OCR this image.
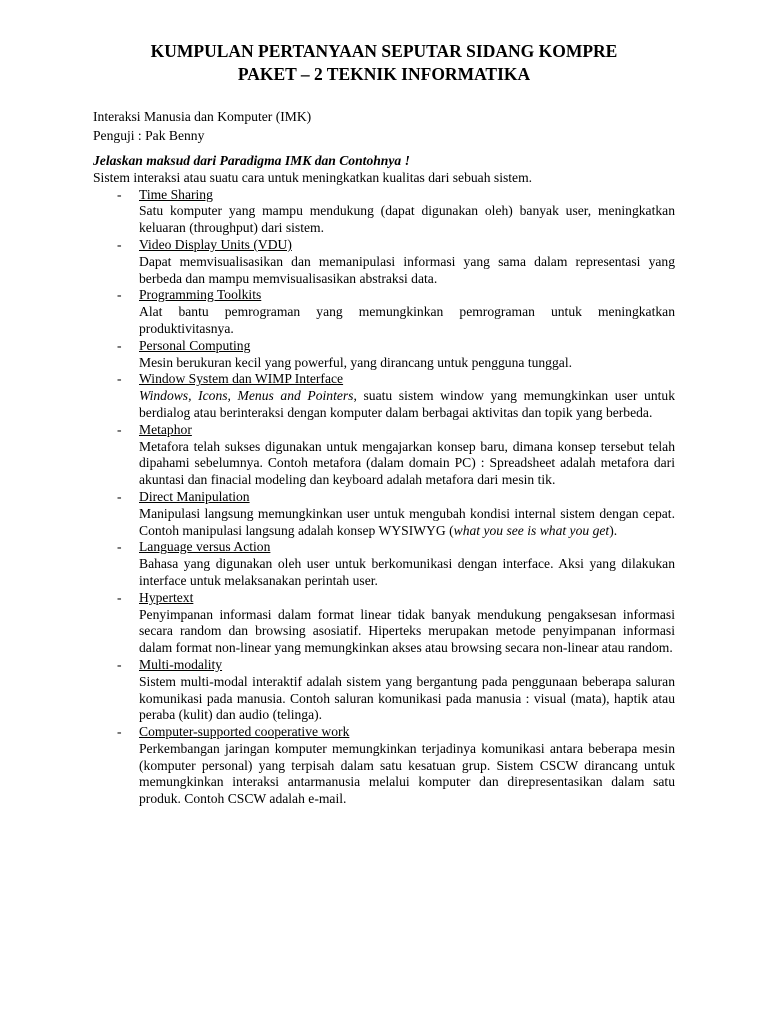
KUMPULAN PERTANYAAN SEPUTAR SIDANG KOMPRE
PAKET – 2 TEKNIK INFORMATIKA
Interaksi Manusia dan Komputer (IMK)
Penguji : Pak Benny
Jelaskan maksud dari Paradigma IMK dan Contohnya !
Sistem interaksi atau suatu cara untuk meningkatkan kualitas dari sebuah sistem.
- Time Sharing
Satu komputer yang mampu mendukung (dapat digunakan oleh) banyak user, meningkatkan keluaran (throughput) dari sistem.
- Video Display Units (VDU)
Dapat memvisualisasikan dan memanipulasi informasi yang sama dalam representasi yang berbeda dan mampu memvisualisasikan abstraksi data.
- Programming Toolkits
Alat bantu pemrograman yang memungkinkan pemrograman untuk meningkatkan produktivitasnya.
- Personal Computing
Mesin berukuran kecil yang powerful, yang dirancang untuk pengguna tunggal.
- Window System dan WIMP Interface
Windows, Icons, Menus and Pointers, suatu sistem window yang memungkinkan user untuk berdialog atau berinteraksi dengan komputer dalam berbagai aktivitas dan topik yang berbeda.
- Metaphor
Metafora telah sukses digunakan untuk mengajarkan konsep baru, dimana konsep tersebut telah dipahami sebelumnya. Contoh metafora (dalam domain PC) : Spreadsheet adalah metafora dari akuntasi dan finacial modeling dan keyboard adalah metafora dari mesin tik.
- Direct Manipulation
Manipulasi langsung memungkinkan user untuk mengubah kondisi internal sistem dengan cepat. Contoh manipulasi langsung adalah konsep WYSIWYG (what you see is what you get).
- Language versus Action
Bahasa yang digunakan oleh user untuk berkomunikasi dengan interface. Aksi yang dilakukan interface untuk melaksanakan perintah user.
- Hypertext
Penyimpanan informasi dalam format linear tidak banyak mendukung pengaksesan informasi secara random dan browsing asosiatif. Hiperteks merupakan metode penyimpanan informasi dalam format non-linear yang memungkinkan akses atau browsing secara non-linear atau random.
- Multi-modality
Sistem multi-modal interaktif adalah sistem yang bergantung pada penggunaan beberapa saluran komunikasi pada manusia. Contoh saluran komunikasi pada manusia : visual (mata), haptik atau peraba (kulit) dan audio (telinga).
- Computer-supported cooperative work
Perkembangan jaringan komputer memungkinkan terjadinya komunikasi antara beberapa mesin (komputer personal) yang terpisah dalam satu kesatuan grup. Sistem CSCW dirancang untuk memungkinkan interaksi antarmanusia melalui komputer dan direpresentasikan dalam satu produk. Contoh CSCW adalah e-mail.
